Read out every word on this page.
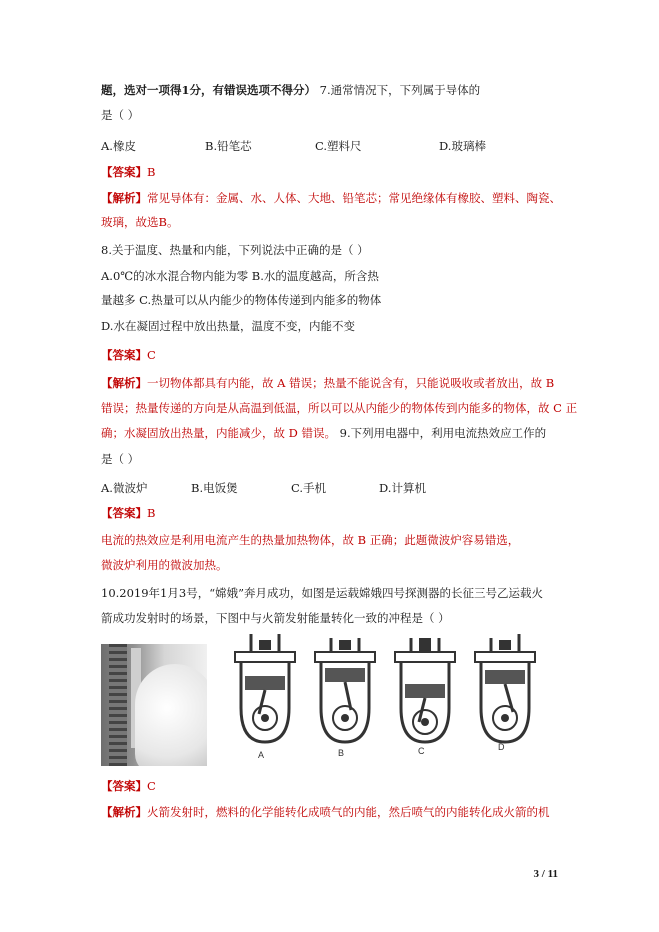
题，选对一项得1分，有错误选项不得分） 7.通常情况下，下列属于导体的
是（ ）
A.橡皮	B.铅笔芯	C.塑料尺	D.玻璃棒
【答案】B
【解析】常见导体有：金属、水、人体、大地、铅笔芯；常见绝缘体有橡胶、塑料、陶瓷、
玻璃，故选B。
8.关于温度、热量和内能，下列说法中正确的是（ ）
A.0℃的冰水混合物内能为零 B.水的温度越高，所含热
量越多 C.热量可以从内能少的物体传递到内能多的物体
D.水在凝固过程中放出热量，温度不变，内能不变
【答案】C
【解析】一切物体都具有内能，故 A 错误；热量不能说含有，只能说吸收或者放出，故 B
错误；热量传递的方向是从高温到低温，所以可以从内能少的物体传到内能多的物体，故 C 正
确；水凝固放出热量，内能减少，故 D 错误。 9.下列用电器中，利用电流热效应工作的
是（ ）
A.微波炉	B.电饭煲	C.手机	D.计算机
【答案】B
电流的热效应是利用电流产生的热量加热物体，故 B 正确；此题微波炉容易错选，
微波炉利用的微波加热。
10.2019年1月3号，“嫦娥”奔月成功，如图是运载嫦娥四号探测器的长征三号乙运载火
箭成功发射时的场景，下图中与火箭发射能量转化一致的冲程是（ ）
A	B	C	D
【答案】C
【解析】火箭发射时，燃料的化学能转化成喷气的内能，然后喷气的内能转化成火箭的机
3 / 11
